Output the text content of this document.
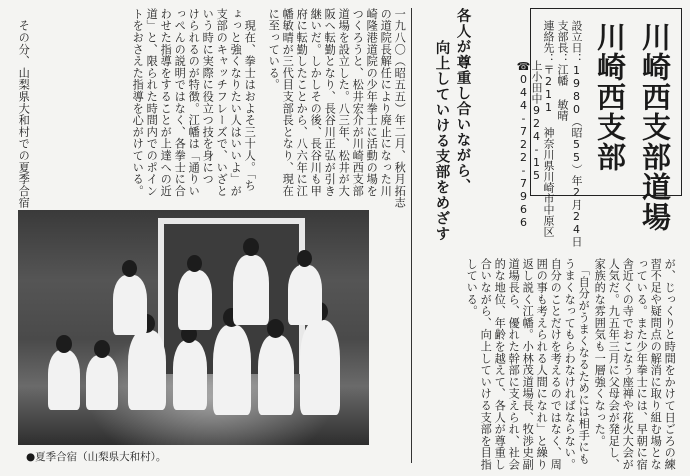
川崎西支部道場
川崎西支部
設立日：1980（昭55）年2月24日
支部長：江幡 敏晴
連絡先：〒211 神奈川県川崎市中原区
上小田中924-15
☎044-722-7966
各人が尊重し合いながら、
向上していける支部をめざす
一九八〇（昭五五）年二月、秋月拓志
の道院長解任により廃止になった川
崎隆港道院の少年拳士に活動の場を
つくろうと、松井宏介が川崎西支部
道場を設立した。八三年、松井が大
阪へ転勤となり、長谷川正弘が引き
継いだ。しかしその後、長谷川も甲
府に転勤したことから、八六年に江
幡敏晴が三代目支部長となり、現在
に至っている。
　現在、拳士はおよそ三十人。「ち
ょっと強くなりたい人はいいよ」が
支部のキャッチフレーズで、いざと
いう時に実際に役立つ技を身につ
けられるのが特徴。江幡は「通りい
っぺんの説明ではなく、各拳士に合
わせた指導をすることが上達への近
道」と、限られた時間内でのポイン
トをおさえた指導を心がけている。
　その分、山梨県大和村での夏季合宿
が、じっくりと時間をかけて日ごろの練
習不足や疑問点の解消に取り組む場とな
っている。また少年拳士には、早朝に宿
舎近くの寺でおこなう座禅や花火大会が
人気だ。九五年三月に父母会が発足し、
家族的な雰囲気も一層強くなった。
　「自分がうまくなるためには相手にも
うまくなってもらわなければならない。
自分のことだけを考えるのではなく、周
囲の事も考えられる人間になれ」と繰り
返し説く江幡。小林茂道場長、牧渉史副
道場長ら、優れた幹部に支えられ、社会
的な地位、年齢を越えて、各人が尊重し
合いながら、向上していける支部を目指
している。
●夏季合宿（山梨県大和村）。
